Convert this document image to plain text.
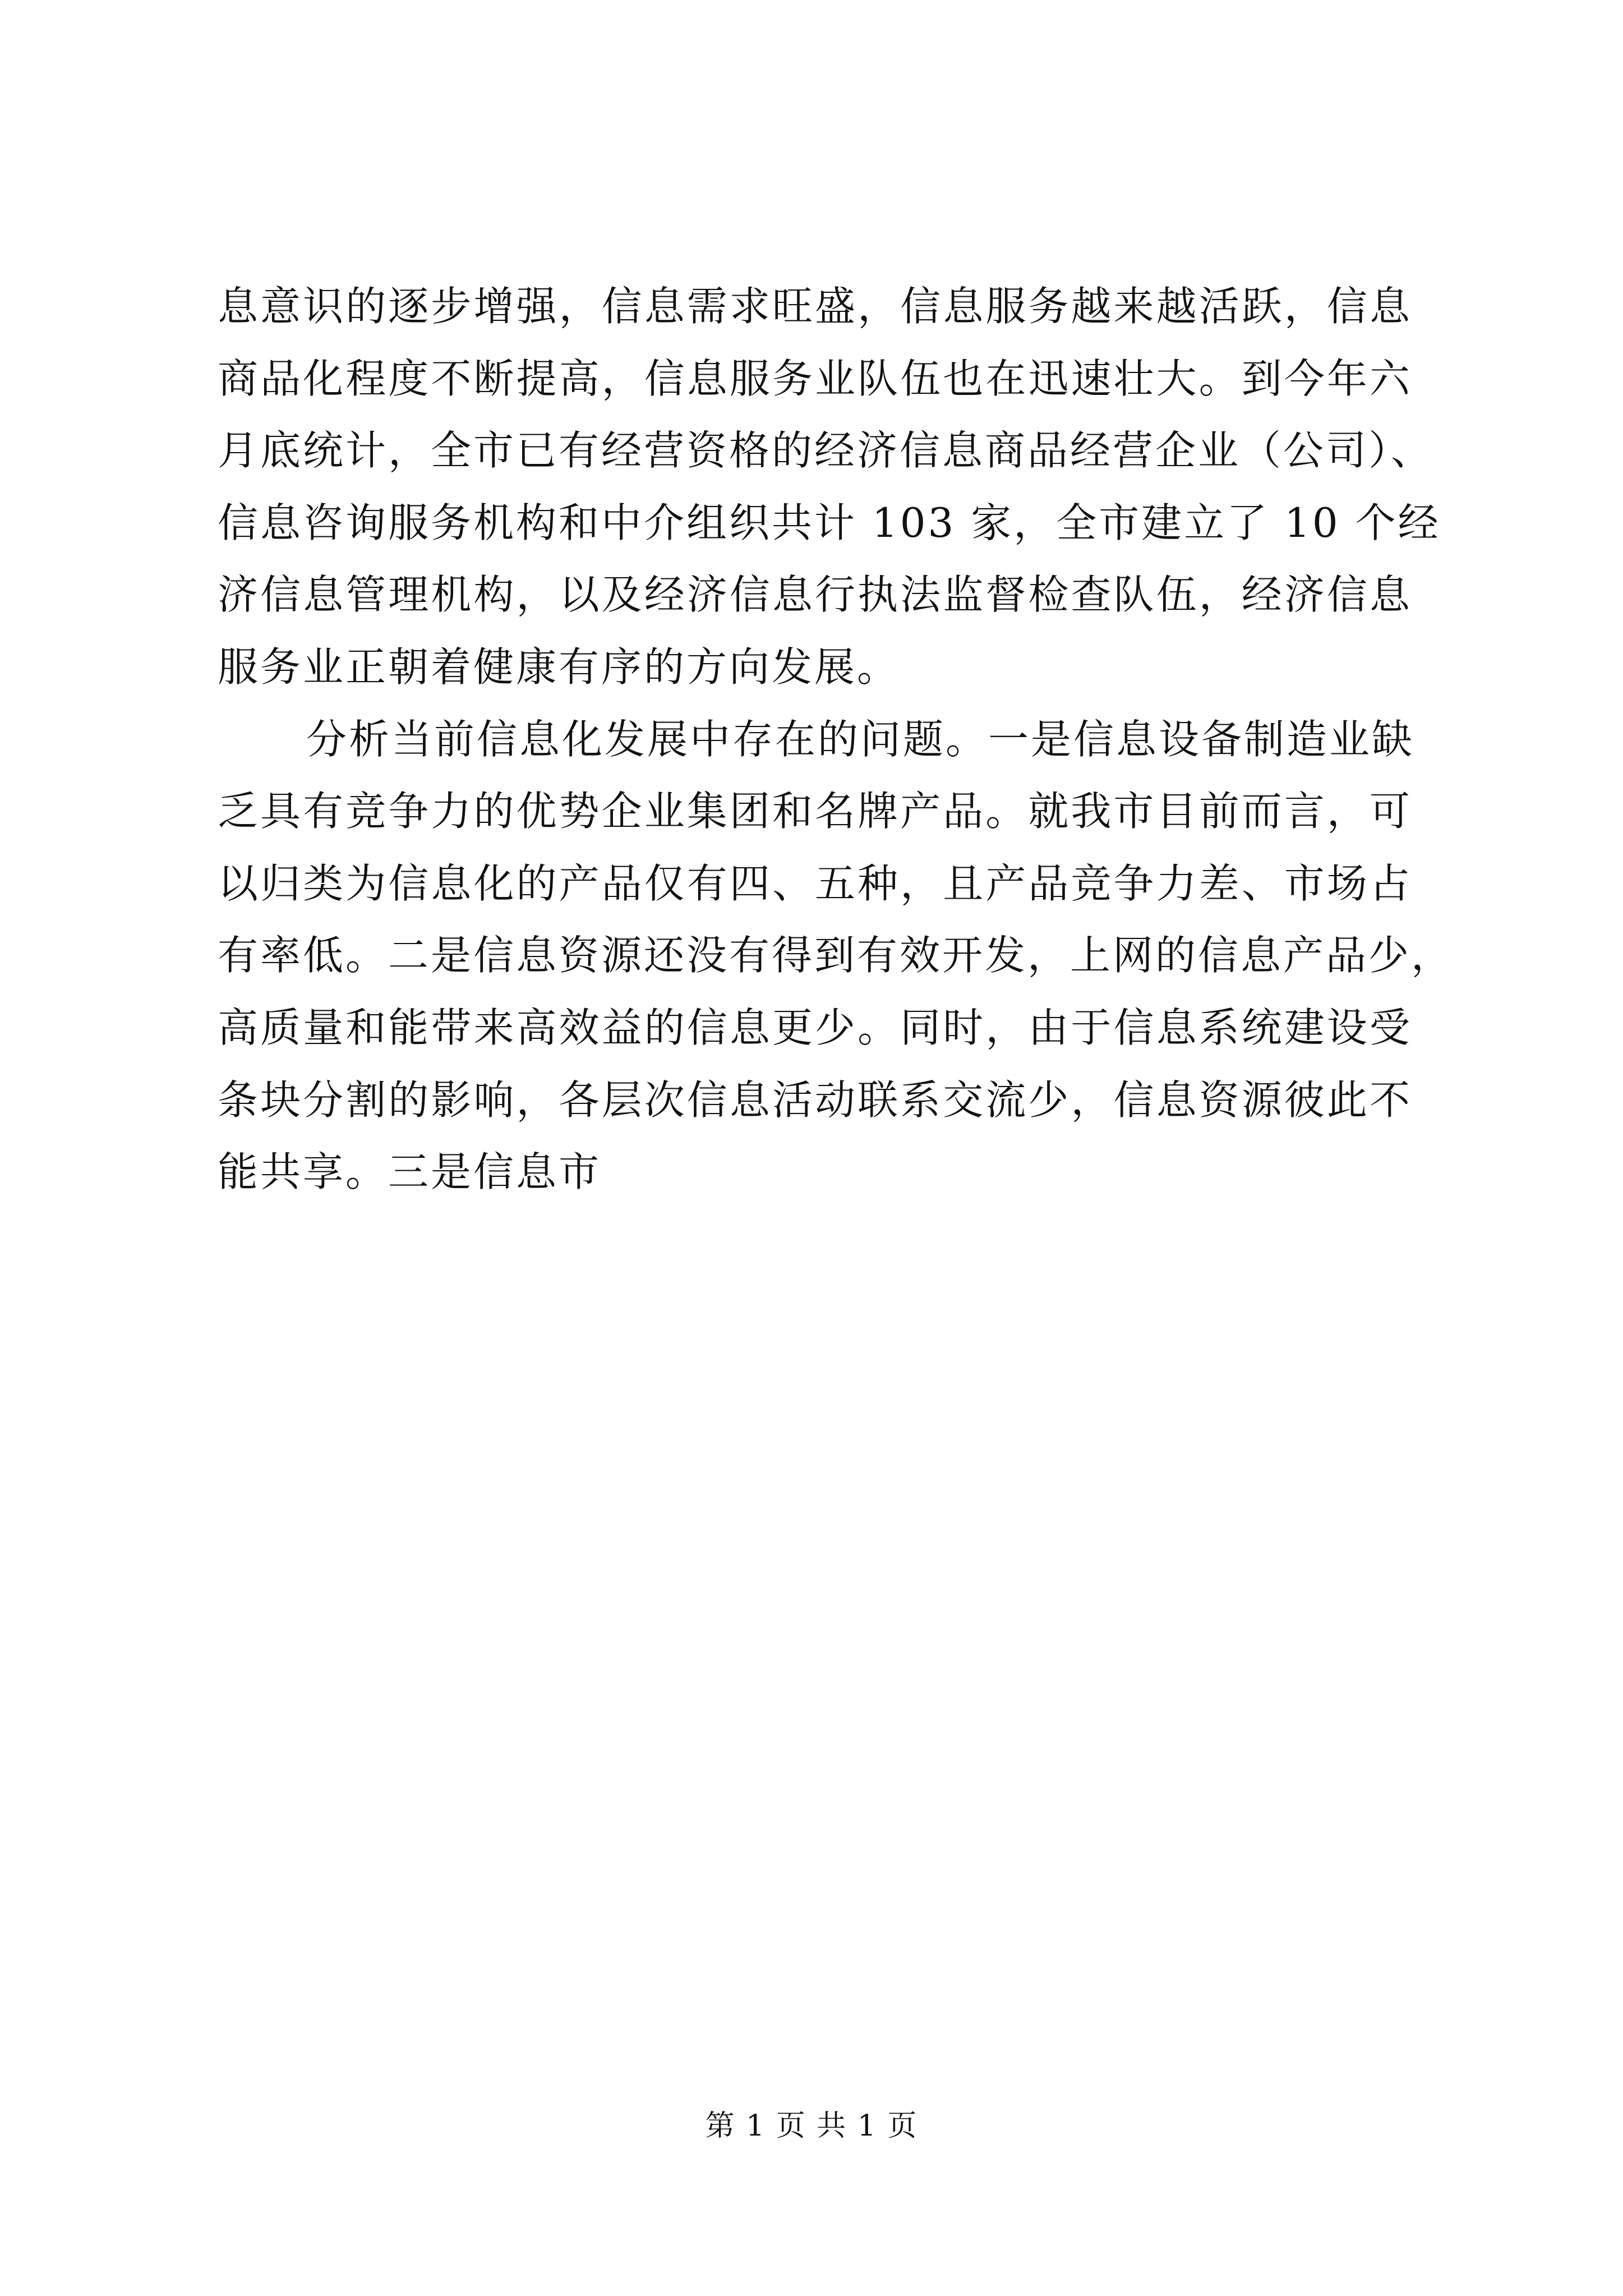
息意识的逐步增强，信息需求旺盛，信息服务越来越活跃，信息
商品化程度不断提高，信息服务业队伍也在迅速壮大。到今年六
月底统计，全市已有经营资格的经济信息商品经营企业（公司）、
信息咨询服务机构和中介组织共计 103 家，全市建立了 10 个经
济信息管理机构，以及经济信息行执法监督检查队伍，经济信息
服务业正朝着健康有序的方向发展。
分析当前信息化发展中存在的问题。一是信息设备制造业缺
乏具有竞争力的优势企业集团和名牌产品。就我市目前而言，可
以归类为信息化的产品仅有四、五种，且产品竞争力差、市场占
有率低。二是信息资源还没有得到有效开发，上网的信息产品少，
高质量和能带来高效益的信息更少。同时，由于信息系统建设受
条块分割的影响，各层次信息活动联系交流少，信息资源彼此不
能共享。三是信息市
第 1 页 共 1 页
